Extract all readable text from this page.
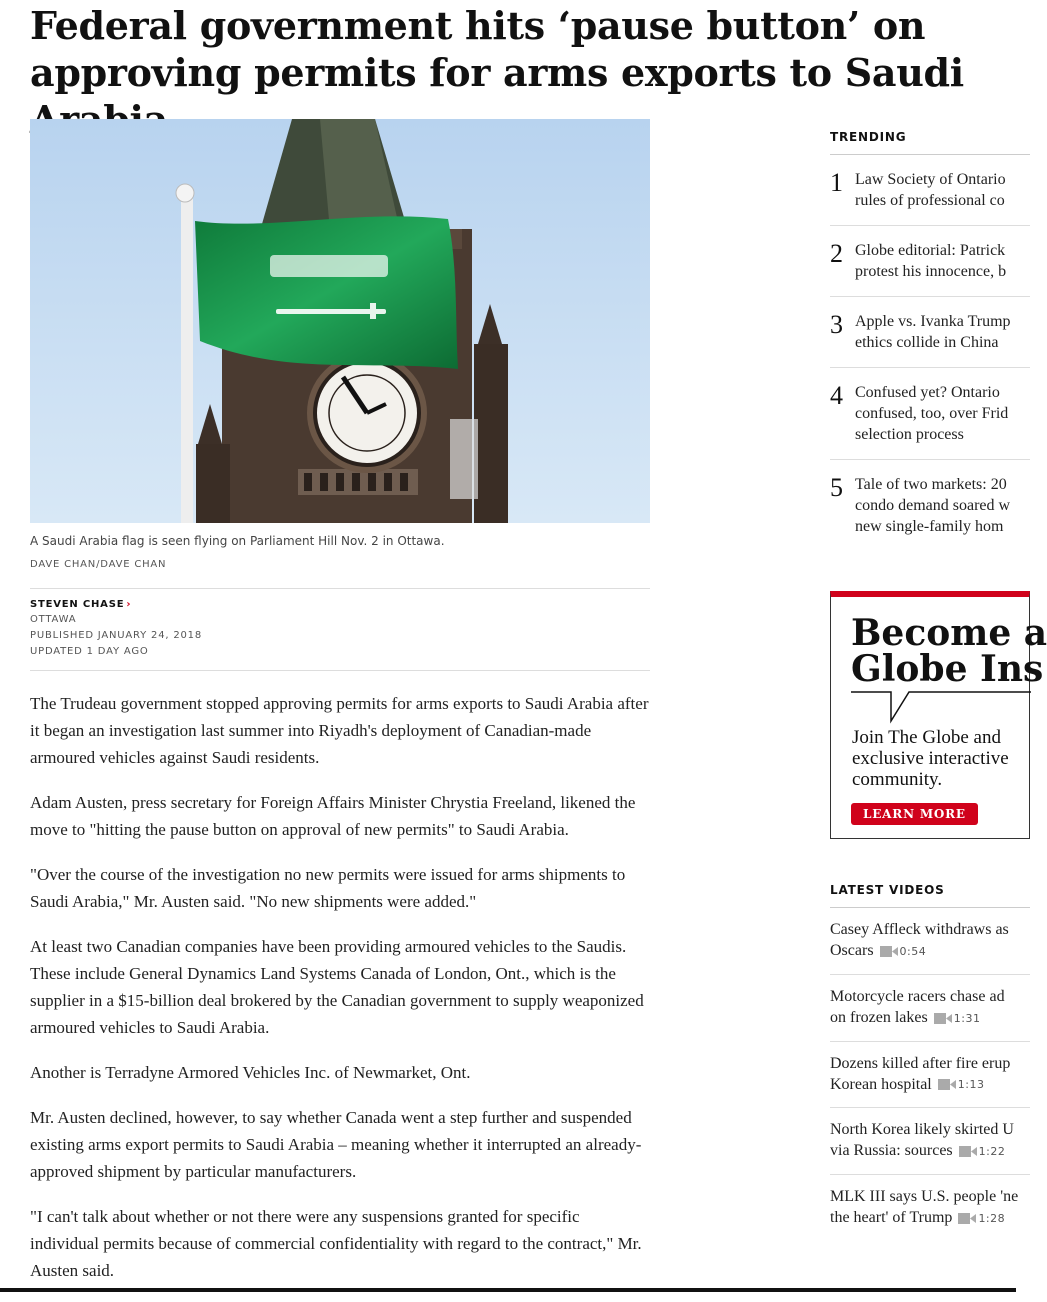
Federal government hits ‘pause button’ on approving permits for arms exports to Saudi

A Saudi Arabia flag is seen flying on Parliament Hill Nov. 2 in Ottawa.

DAVE CHAN/DAVE CHAN

STEVEN CHASE ›
OTTAWA
PUBLISHED JANUARY 24, 2018
UPDATED 1 DAY AGO

The Trudeau government stopped approving permits for arms exports to Saudi Arabia after it began an investigation last summer into Riyadh's deployment of Canadian-made armoured vehicles against Saudi residents.

Adam Austen, press secretary for Foreign Affairs Minister Chrystia Freeland, likened the move to "hitting the pause button on approval of new permits" to Saudi Arabia.

"Over the course of the investigation no new permits were issued for arms shipments to Saudi Arabia," Mr. Austen said. "No new shipments were added."

At least two Canadian companies have been providing armoured vehicles to the Saudis. These include General Dynamics Land Systems Canada of London, Ont., which is the supplier in a $15-billion deal brokered by the Canadian government to supply weaponized armoured vehicles to Saudi Arabia.

Another is Terradyne Armored Vehicles Inc. of Newmarket, Ont.

Mr. Austen declined, however, to say whether Canada went a step further and suspended existing arms export permits to Saudi Arabia – meaning whether it interrupted an already-approved shipment by particular manufacturers.

"I can't talk about whether or not there were any suspensions granted for specific individual permits because of commercial confidentiality with regard to the contract," Mr. Austen said.

TRENDING
1 Law Society of Ontario
rules of professional co
2 Globe editorial: Patrick
protest his innocence, b
3 Apple vs. Ivanka Trump
ethics collide in China
4 Confused yet? Ontario
confused, too, over Frid
selection process
5 Tale of two markets: 20
condo demand soared w
new single-family hom
Become a
Globe Ins
Join The Globe and
exclusive interactive
community.
LEARN MORE
LATEST VIDEOS
Casey Affleck withdraws as
Oscars 0:54
Motorcycle racers chase ad
on frozen lakes 1:31
Dozens killed after fire erup
Korean hospital 1:13
North Korea likely skirted U
via Russia: sources 1:22
MLK III says U.S. people 'ne
the heart' of Trump 1:28
